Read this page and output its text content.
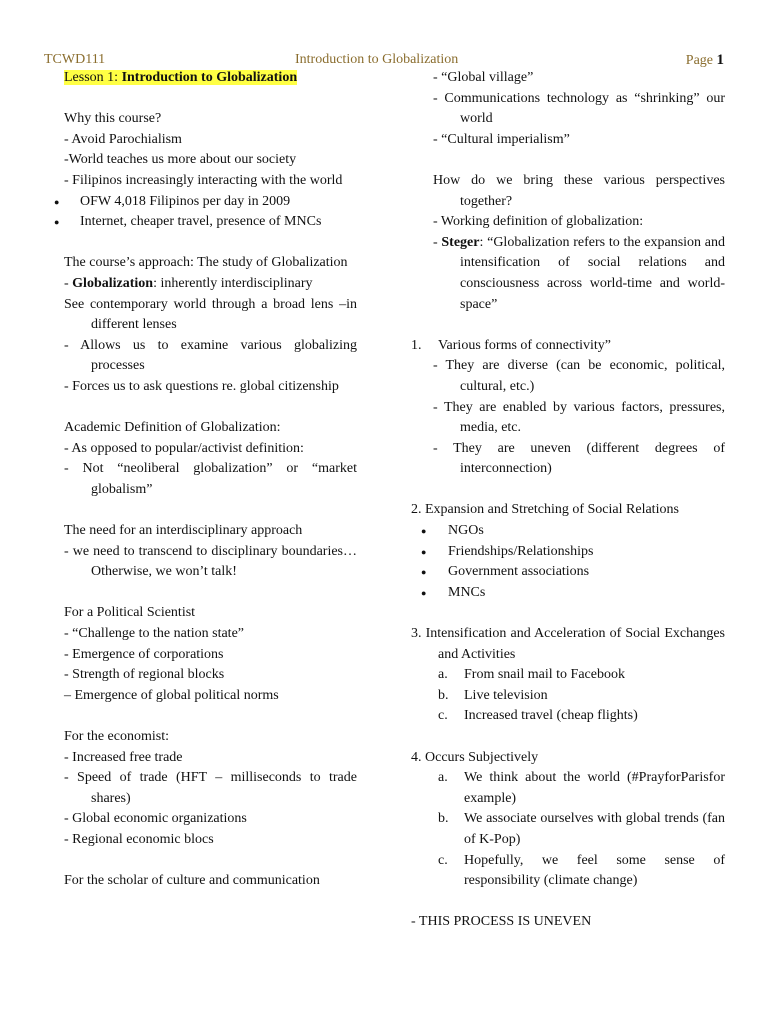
TCWD111	Introduction to Globalization	Page 1
Lesson 1: Introduction to Globalization
Why this course?
- Avoid Parochialism
-World teaches us more about our society
- Filipinos increasingly interacting with the world
● OFW 4,018 Filipinos per day in 2009
● Internet, cheaper travel, presence of MNCs
The course’s approach: The study of Globalization
- Globalization: inherently interdisciplinary
See contemporary world through a broad lens –in different lenses
- Allows us to examine various globalizing processes
- Forces us to ask questions re. global citizenship
Academic Definition of Globalization:
- As opposed to popular/activist definition:
- Not “neoliberal globalization” or “market globalism”
The need for an interdisciplinary approach
- we need to transcend to disciplinary boundaries… Otherwise, we won’t talk!
For a Political Scientist
- “Challenge to the nation state”
- Emergence of corporations
- Strength of regional blocks
– Emergence of global political norms
For the economist:
- Increased free trade
- Speed of trade (HFT – milliseconds to trade shares)
- Global economic organizations
- Regional economic blocs
For the scholar of culture and communication
- “Global village”
- Communications technology as “shrinking” our world
- “Cultural imperialism”
How do we bring these various perspectives together?
- Working definition of globalization:
- Steger: “Globalization refers to the expansion and intensification of social relations and consciousness across world-time and world-space”
1. Various forms of connectivity”
- They are diverse (can be economic, political, cultural, etc.)
- They are enabled by various factors, pressures, media, etc.
- They are uneven (different degrees of interconnection)
2. Expansion and Stretching of Social Relations
● NGOs
● Friendships/Relationships
● Government associations
● MNCs
3. Intensification and Acceleration of Social Exchanges and Activities
a. From snail mail to Facebook
b. Live television
c. Increased travel (cheap flights)
4. Occurs Subjectively
a. We think about the world (#PrayforParisfor example)
b. We associate ourselves with global trends (fan of K-Pop)
c. Hopefully, we feel some sense of responsibility (climate change)
- THIS PROCESS IS UNEVEN
